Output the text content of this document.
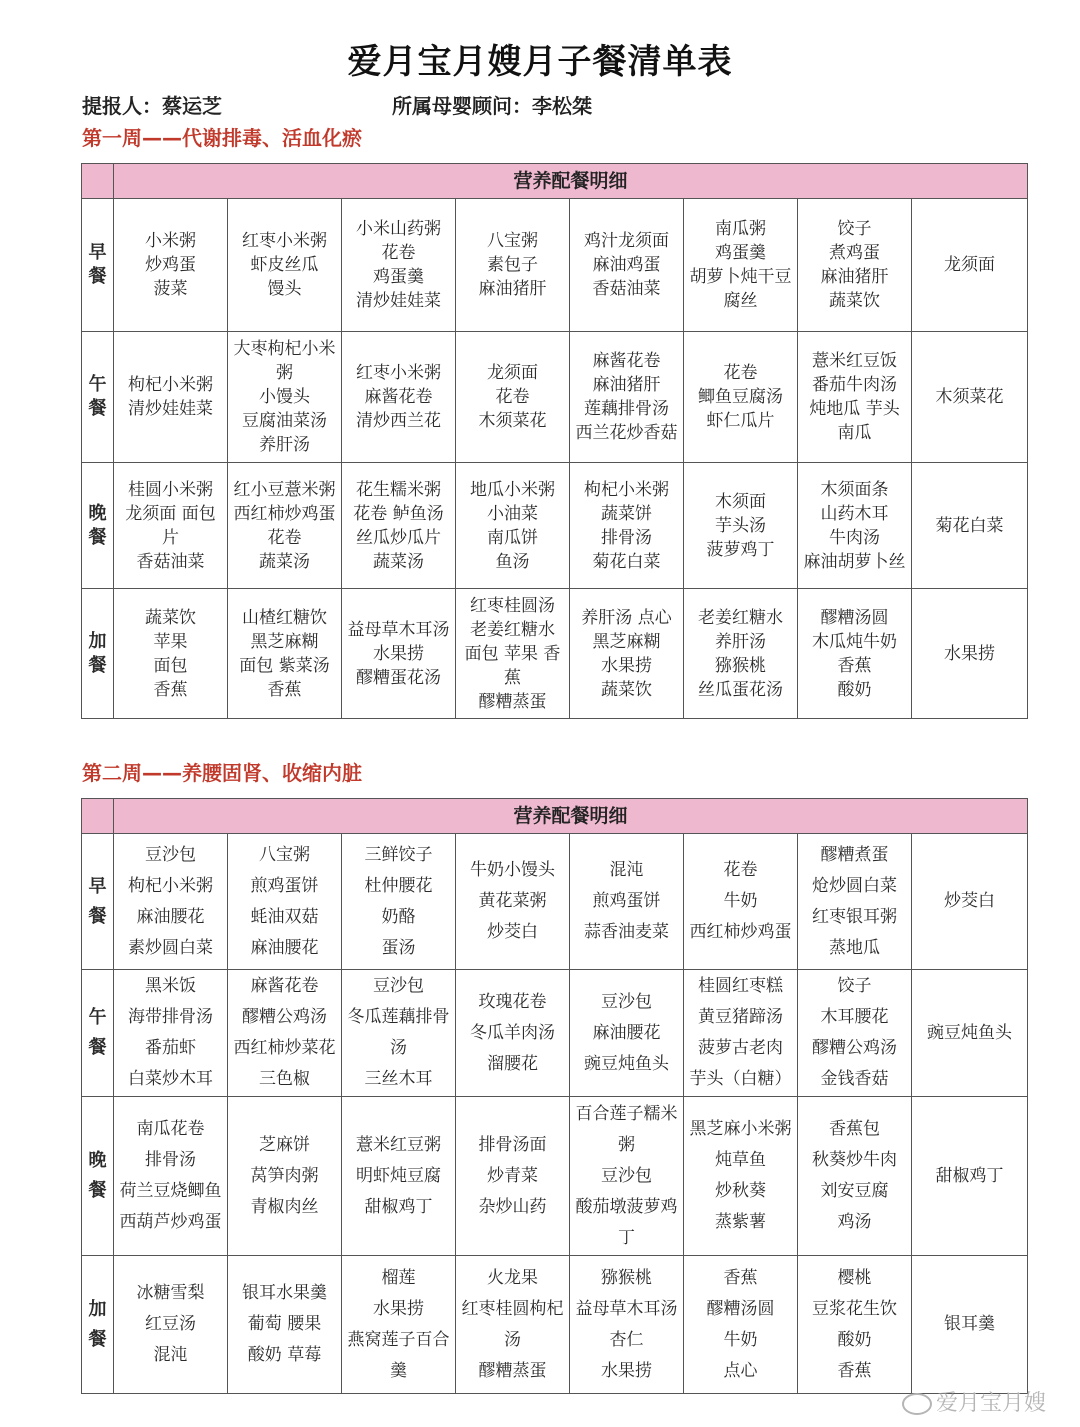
爱月宝月嫂月子餐清单表
提报人：蔡运芝	所属母婴顾问：李松桀
第一周——代谢排毒、活血化瘀
	营养配餐明细							

早
餐	小米粥
炒鸡蛋
菠菜	红枣小米粥
虾皮丝瓜
馒头	小米山药粥
花卷
鸡蛋羹
清炒娃娃菜	八宝粥
素包子
麻油猪肝	鸡汁龙须面
麻油鸡蛋
香菇油菜	南瓜粥
鸡蛋羹
胡萝卜炖干豆
腐丝	饺子
煮鸡蛋
麻油猪肝
蔬菜饮	龙须面

午
餐	枸杞小米粥
清炒娃娃菜	大枣枸杞小米
粥
小馒头
豆腐油菜汤
养肝汤	红枣小米粥
麻酱花卷
清炒西兰花	龙须面
花卷
木须菜花	麻酱花卷
麻油猪肝
莲藕排骨汤
西兰花炒香菇	花卷
鲫鱼豆腐汤
虾仁瓜片	薏米红豆饭
番茄牛肉汤
炖地瓜 芋头
南瓜	木须菜花

晚
餐	桂圆小米粥
龙须面 面包
片
香菇油菜	红小豆薏米粥
西红柿炒鸡蛋
花卷
蔬菜汤	花生糯米粥
花卷 鲈鱼汤
丝瓜炒瓜片
蔬菜汤	地瓜小米粥
小油菜
南瓜饼
鱼汤	枸杞小米粥
蔬菜饼
排骨汤
菊花白菜	木须面
芋头汤
菠萝鸡丁	木须面条
山药木耳
牛肉汤
麻油胡萝卜丝	菊花白菜

加
餐	蔬菜饮
苹果
面包
香蕉	山楂红糖饮
黑芝麻糊
面包 紫菜汤
香蕉	益母草木耳汤
水果捞
醪糟蛋花汤	红枣桂圆汤
老姜红糖水
面包 苹果 香
蕉
醪糟蒸蛋	养肝汤 点心
黑芝麻糊
水果捞
蔬菜饮	老姜红糖水
养肝汤
猕猴桃
丝瓜蛋花汤	醪糟汤圆
木瓜炖牛奶
香蕉
酸奶	水果捞
第二周——养腰固肾、收缩内脏
	营养配餐明细							

早
餐	豆沙包
枸杞小米粥
麻油腰花
素炒圆白菜	八宝粥
煎鸡蛋饼
蚝油双菇
麻油腰花	三鲜饺子
杜仲腰花
奶酪
蛋汤	牛奶小馒头
黄花菜粥
炒茭白	混沌
煎鸡蛋饼
蒜香油麦菜	花卷
牛奶
西红柿炒鸡蛋	醪糟煮蛋
炝炒圆白菜
红枣银耳粥
蒸地瓜	炒茭白

午
餐	黑米饭
海带排骨汤
番茄虾
白菜炒木耳	麻酱花卷
醪糟公鸡汤
西红柿炒菜花
三色椒	豆沙包
冬瓜莲藕排骨
汤
三丝木耳	玫瑰花卷
冬瓜羊肉汤
溜腰花	豆沙包
麻油腰花
豌豆炖鱼头	桂圆红枣糕
黄豆猪蹄汤
菠萝古老肉
芋头（白糖）	饺子
木耳腰花
醪糟公鸡汤
金钱香菇	豌豆炖鱼头

晚
餐	南瓜花卷
排骨汤
荷兰豆烧鲫鱼
西葫芦炒鸡蛋	芝麻饼
莴笋肉粥
青椒肉丝	薏米红豆粥
明虾炖豆腐
甜椒鸡丁	排骨汤面
炒青菜
杂炒山药	百合莲子糯米
粥
豆沙包
酸茄墩菠萝鸡
丁	黑芝麻小米粥
炖草鱼
炒秋葵
蒸紫薯	香蕉包
秋葵炒牛肉
刘安豆腐
鸡汤	甜椒鸡丁

加
餐	冰糖雪梨
红豆汤
混沌	银耳水果羹
葡萄 腰果
酸奶 草莓	榴莲
水果捞
燕窝莲子百合
羹	火龙果
红枣桂圆枸杞
汤
醪糟蒸蛋	猕猴桃
益母草木耳汤
杏仁
水果捞	香蕉
醪糟汤圆
牛奶
点心	樱桃
豆浆花生饮
酸奶
香蕉	银耳羹
爱月宝月嫂
